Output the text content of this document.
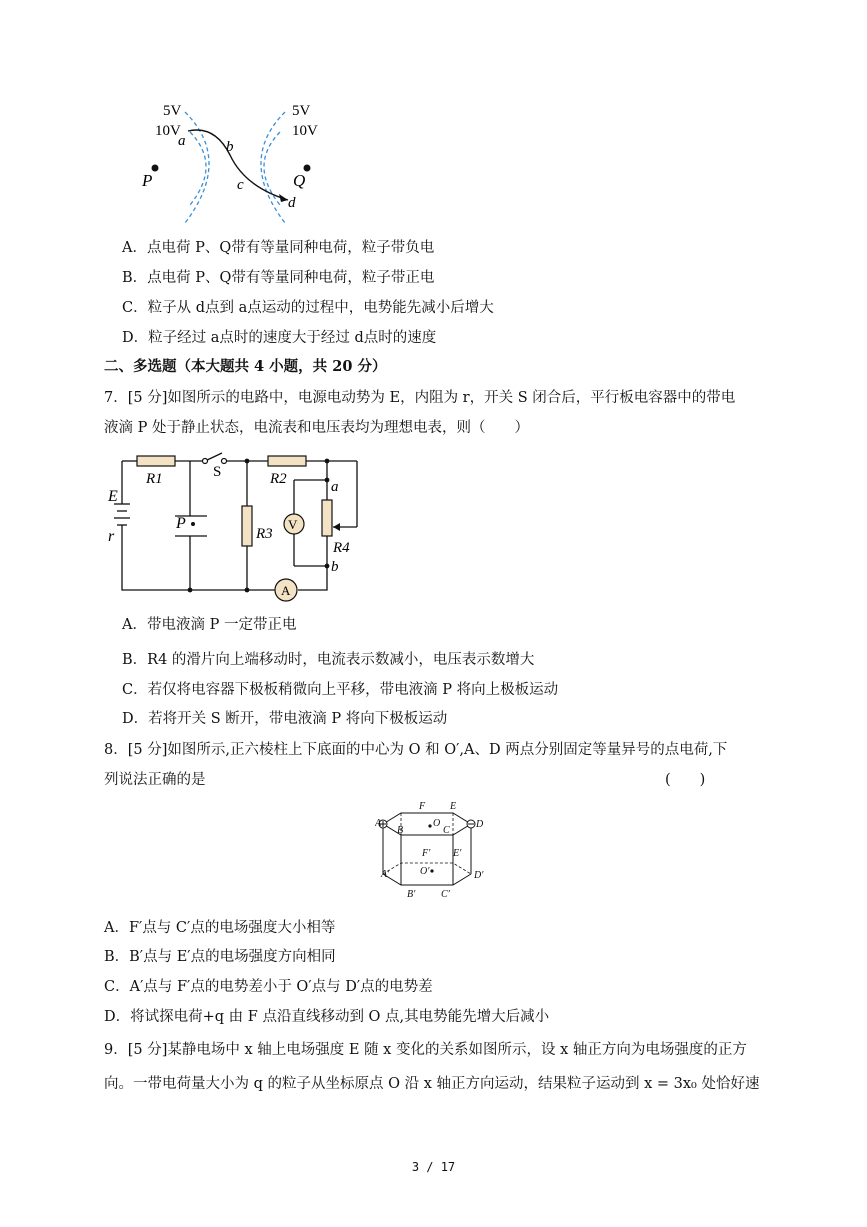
5V
10V
5V
10V
a	b
c
d
P	Q
A．点电荷 P、Q带有等量同种电荷，粒子带负电
B．点电荷 P、Q带有等量同种电荷，粒子带正电
C．粒子从 d点到 a点运动的过程中，电势能先减小后增大
D．粒子经过 a点时的速度大于经过 d点时的速度
二、多选题（本大题共 4 小题，共 20 分）
7．[5 分]如图所示的电路中，电源电动势为 E，内阻为 r，开关 S 闭合后，平行板电容器中的带电
液滴 P 处于静止状态，电流表和电压表均为理想电表，则（　　）
E
r
R1	S
P
R2
R3
R4
V
A
a
b
A．带电液滴 P 一定带正电
B．R4 的滑片向上端移动时，电流表示数减小，电压表示数增大
C．若仅将电容器下极板稍微向上平移，带电液滴 P 将向上极板运动
D．若将开关 S 断开，带电液滴 P 将向下极板运动
8．[5 分]如图所示,正六棱柱上下底面的中心为 O 和 O′,A、D 两点分别固定等量异号的点电荷,下
列说法正确的是	(　　)
A
B	C
D
E
F
O
A′
B′	C′
D′
E′
F′
O′
A．F′点与 C′点的电场强度大小相等
B．B′点与 E′点的电场强度方向相同
C．A′点与 F′点的电势差小于 O′点与 D′点的电势差
D．将试探电荷+q 由 F 点沿直线移动到 O 点,其电势能先增大后减小
9．[5 分]某静电场中 x 轴上电场强度 E 随 x 变化的关系如图所示，设 x 轴正方向为电场强度的正方
向。一带电荷量大小为 q 的粒子从坐标原点 O 沿 x 轴正方向运动，结果粒子运动到 x = 3x₀ 处恰好速
3 / 17
